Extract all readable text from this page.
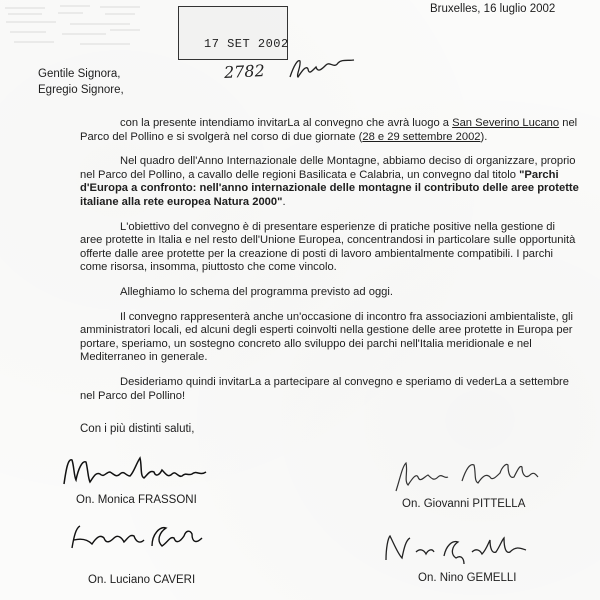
17 SET 2002
2782
Bruxelles, 16 luglio 2002
Gentile Signora,
Egregio Signore,

con la presente intendiamo invitarLa al convegno che avrà luogo a San Severino Lucano nel Parco del Pollino e si svolgerà nel corso di due giornate (28 e 29 settembre 2002).

Nel quadro dell'Anno Internazionale delle Montagne, abbiamo deciso di organizzare, proprio nel Parco del Pollino, a cavallo delle regioni Basilicata e Calabria, un convegno dal titolo "Parchi d'Europa a confronto: nell'anno internazionale delle montagne il contributo delle aree protette italiane alla rete europea Natura 2000".

L'obiettivo del convegno è di presentare esperienze di pratiche positive nella gestione di aree protette in Italia e nel resto dell'Unione Europea, concentrandosi in particolare sulle opportunità offerte dalle aree protette per la creazione di posti di lavoro ambientalmente compatibili. I parchi come risorsa, insomma, piuttosto che come vincolo.

Alleghiamo lo schema del programma previsto ad oggi.

Il convegno rappresenterà anche un'occasione di incontro fra associazioni ambientaliste, gli amministratori locali, ed alcuni degli esperti coinvolti nella gestione delle aree protette in Europa per portare, speriamo, un sostegno concreto allo sviluppo dei parchi nell'Italia meridionale e nel Mediterraneo in generale.

Desideriamo quindi invitarLa a partecipare al convegno e speriamo di vederLa a settembre nel Parco del Pollino!

Con i più distinti saluti,
On. Monica FRASSONI	On. Giovanni PITTELLA
On. Luciano CAVERI	On. Nino GEMELLI
